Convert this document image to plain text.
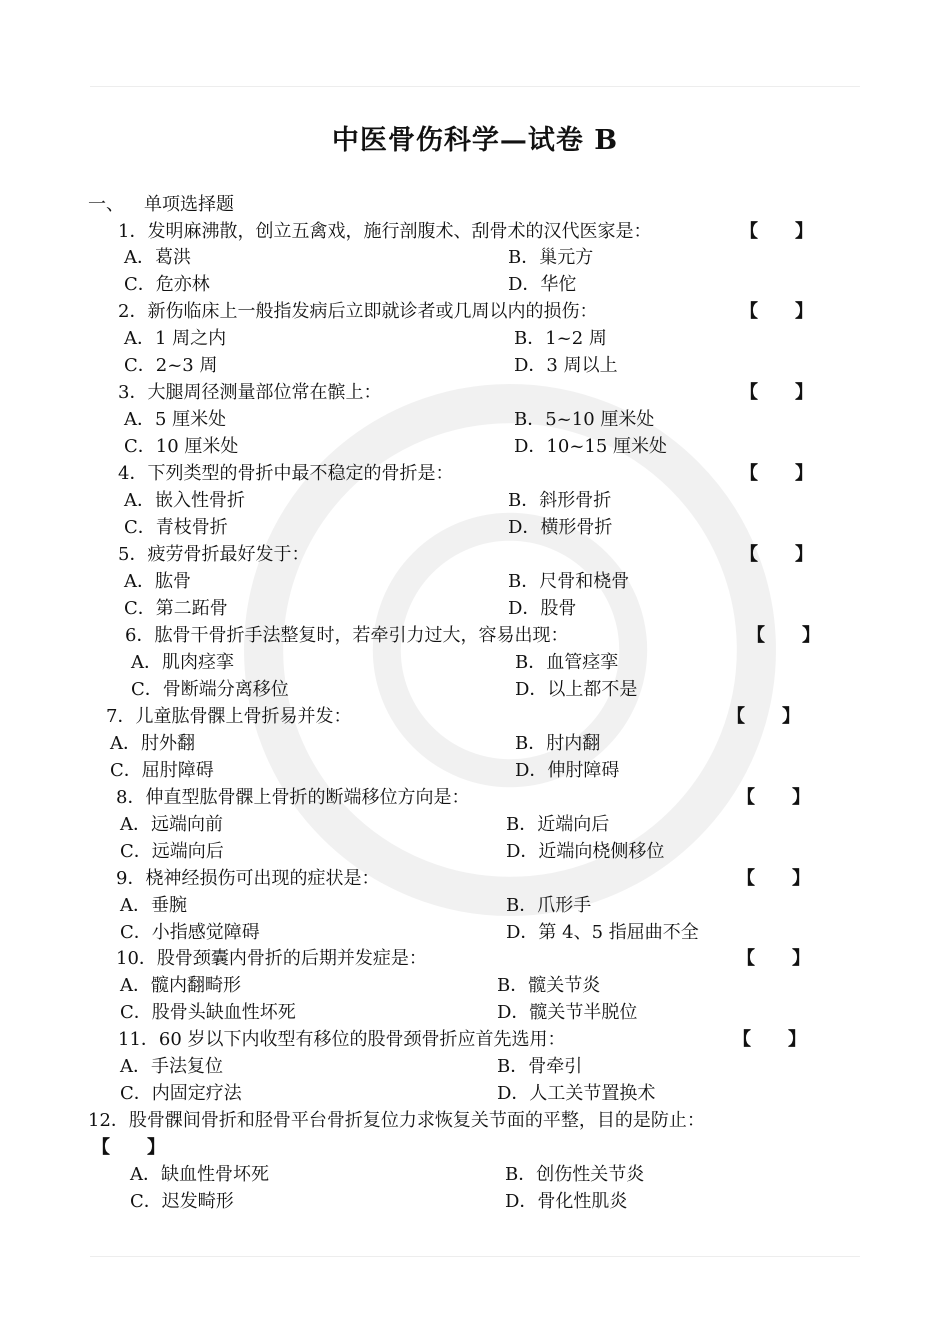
中医骨伤科学—试卷 B
一、 单项选择题
1．发明麻沸散，创立五禽戏，施行剖腹术、刮骨术的汉代医家是：	【 】
A．葛洪	B．巢元方
C．危亦林	D．华佗
2．新伤临床上一般指发病后立即就诊者或几周以内的损伤：	【 】
A．1 周之内	B．1~2 周
C．2~3 周	D．3 周以上
3．大腿周径测量部位常在髌上：	【 】
A．5 厘米处	B．5~10 厘米处
C．10 厘米处	D．10~15 厘米处
4．下列类型的骨折中最不稳定的骨折是：	【 】
A．嵌入性骨折	B．斜形骨折
C．青枝骨折	D．横形骨折
5．疲劳骨折最好发于：	【 】
A．肱骨	B．尺骨和桡骨
C．第二跖骨	D．股骨
6．肱骨干骨折手法整复时，若牵引力过大，容易出现：	【 】
A．肌肉痉挛	B．血管痉挛
C．骨断端分离移位	D．以上都不是
7．儿童肱骨髁上骨折易并发：	【 】
A．肘外翻	B．肘内翻
C．屈肘障碍	D．伸肘障碍
8．伸直型肱骨髁上骨折的断端移位方向是：	【 】
A．远端向前	B．近端向后
C．远端向后	D．近端向桡侧移位
9．桡神经损伤可出现的症状是：	【 】
A．垂腕	B．爪形手
C．小指感觉障碍	D．第 4、5 指屈曲不全
10．股骨颈囊内骨折的后期并发症是：	【 】
A．髋内翻畸形	B．髋关节炎
C．股骨头缺血性坏死	D．髋关节半脱位
11．60 岁以下内收型有移位的股骨颈骨折应首先选用：	【 】
A．手法复位	B．骨牵引
C．内固定疗法	D．人工关节置换术
12．股骨髁间骨折和胫骨平台骨折复位力求恢复关节面的平整，目的是防止：
【 】
A．缺血性骨坏死	B．创伤性关节炎
C．迟发畸形	D．骨化性肌炎
